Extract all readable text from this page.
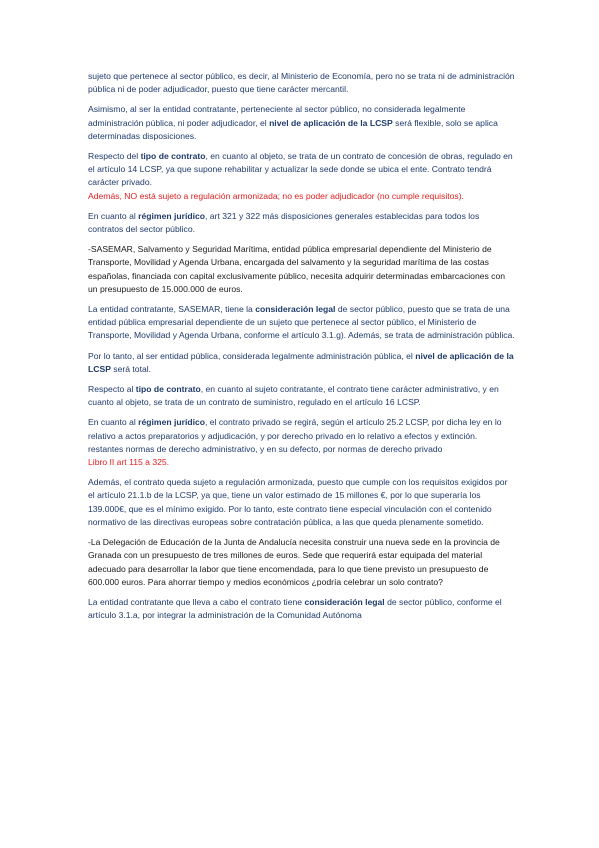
sujeto que pertenece al sector público, es decir, al Ministerio de Economía, pero no se trata ni de administración pública ni de poder adjudicador, puesto que tiene carácter mercantil.

Asimismo, al ser la entidad contratante, perteneciente al sector público, no considerada legalmente administración pública, ni poder adjudicador, el nivel de aplicación de la LCSP será flexible, solo se aplica determinadas disposiciones.

Respecto del tipo de contrato, en cuanto al objeto, se trata de un contrato de concesión de obras, regulado en el artículo 14 LCSP, ya que supone rehabilitar y actualizar la sede donde se ubica el ente. Contrato tendrá carácter privado.
Además, NO está sujeto a regulación armonizada; no es poder adjudicador (no cumple requisitos).

En cuanto al régimen jurídico, art 321 y 322 más disposiciones generales establecidas para todos los contratos del sector público.

-SASEMAR, Salvamento y Seguridad Marítima, entidad pública empresarial dependiente del Ministerio de Transporte, Movilidad y Agenda Urbana, encargada del salvamento y la seguridad marítima de las costas españolas, financiada con capital exclusivamente público, necesita adquirir determinadas embarcaciones con un presupuesto de 15.000.000 de euros.

La entidad contratante, SASEMAR, tiene la consideración legal de sector público, puesto que se trata de una entidad pública empresarial dependiente de un sujeto que pertenece al sector público, el Ministerio de Transporte, Movilidad y Agenda Urbana, conforme el artículo 3.1.g). Además, se trata de administración pública.

Por lo tanto, al ser entidad pública, considerada legalmente administración pública, el nivel de aplicación de la LCSP será total.

Respecto al tipo de contrato, en cuanto al sujeto contratante, el contrato tiene carácter administrativo, y en cuanto al objeto, se trata de un contrato de suministro, regulado en el artículo 16 LCSP.

En cuanto al régimen jurídico, el contrato privado se regirá, según el artículo 25.2 LCSP, por dicha ley en lo relativo a actos preparatorios y adjudicación, y por derecho privado en lo relativo a efectos y extinción. restantes normas de derecho administrativo, y en su defecto, por normas de derecho privado
Libro II art 115 a 325.

Además, el contrato queda sujeto a regulación armonizada, puesto que cumple con los requisitos exigidos por el artículo 21.1.b de la LCSP, ya que, tiene un valor estimado de 15 millones €, por lo que superaría los 139.000€, que es el mínimo exigido. Por lo tanto, este contrato tiene especial vinculación con el contenido normativo de las directivas europeas sobre contratación pública, a las que queda plenamente sometido.

-La Delegación de Educación de la Junta de Andalucía necesita construir una nueva sede en la provincia de Granada con un presupuesto de tres millones de euros. Sede que requerirá estar equipada del material adecuado para desarrollar la labor que tiene encomendada, para lo que tiene previsto un presupuesto de 600.000 euros. Para ahorrar tiempo y medios económicos ¿podría celebrar un solo contrato?

La entidad contratante que lleva a cabo el contrato tiene consideración legal de sector público, conforme el artículo 3.1.a, por integrar la administración de la Comunidad Autónoma
